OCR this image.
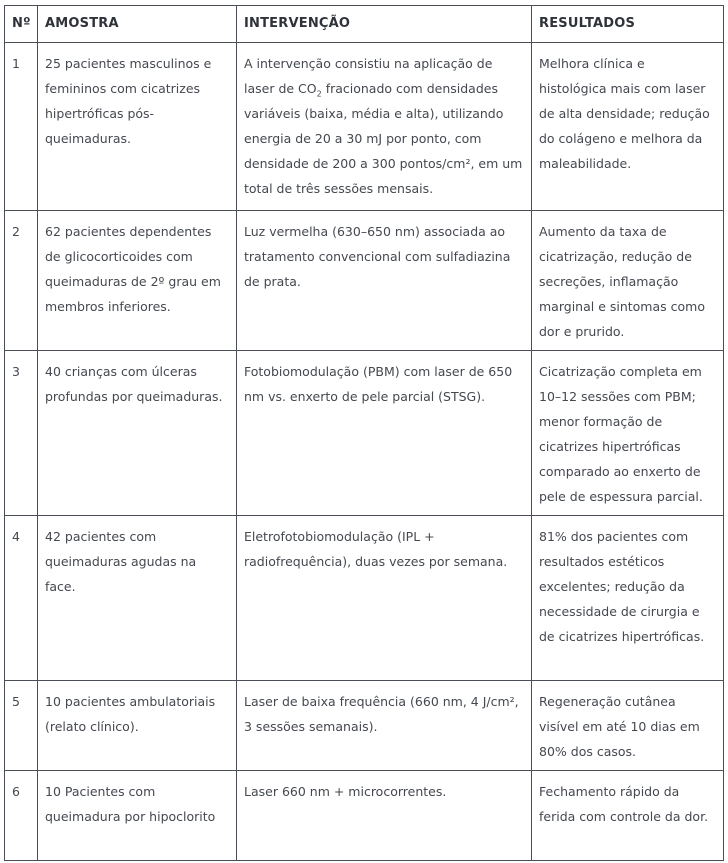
Nº	AMOSTRA	INTERVENÇÃO	RESULTADOS
1	25 pacientes masculinos e femininos com cicatrizes hipertróficas pós-queimaduras.	A intervenção consistiu na aplicação de laser de $CO_2$ fracionado com densidades variáveis (baixa, média e alta), utilizando energia de 20 a 30 mJ por ponto, com densidade de 200 a 300 pontos/cm², em um total de três sessões mensais.	Melhora clínica e histológica mais com laser de alta densidade; redução do colágeno e melhora da maleabilidade.
2	62 pacientes dependentes de glicocorticoides com queimaduras de 2º grau em membros inferiores.	Luz vermelha (630–650 nm) associada ao tratamento convencional com sulfadiazina de prata.	Aumento da taxa de cicatrização, redução de secreções, inflamação marginal e sintomas como dor e prurido.
3	40 crianças com úlceras profundas por queimaduras.	Fotobiomodulação (PBM) com laser de 650 nm vs. enxerto de pele parcial (STSG).	Cicatrização completa em 10–12 sessões com PBM; menor formação de cicatrizes hipertróficas comparado ao enxerto de pele de espessura parcial.
4	42 pacientes com queimaduras agudas na face.	Eletrofotobiomodulação (IPL + radiofrequência), duas vezes por semana.	81% dos pacientes com resultados estéticos excelentes; redução da necessidade de cirurgia e de cicatrizes hipertróficas.
5	10 pacientes ambulatoriais (relato clínico).	Laser de baixa frequência (660 nm, 4 J/cm², 3 sessões semanais).	Regeneração cutânea visível em até 10 dias em 80% dos casos.
6	10 Pacientes com queimadura por hipoclorito	Laser 660 nm + microcorrentes.	Fechamento rápido da ferida com controle da dor.
